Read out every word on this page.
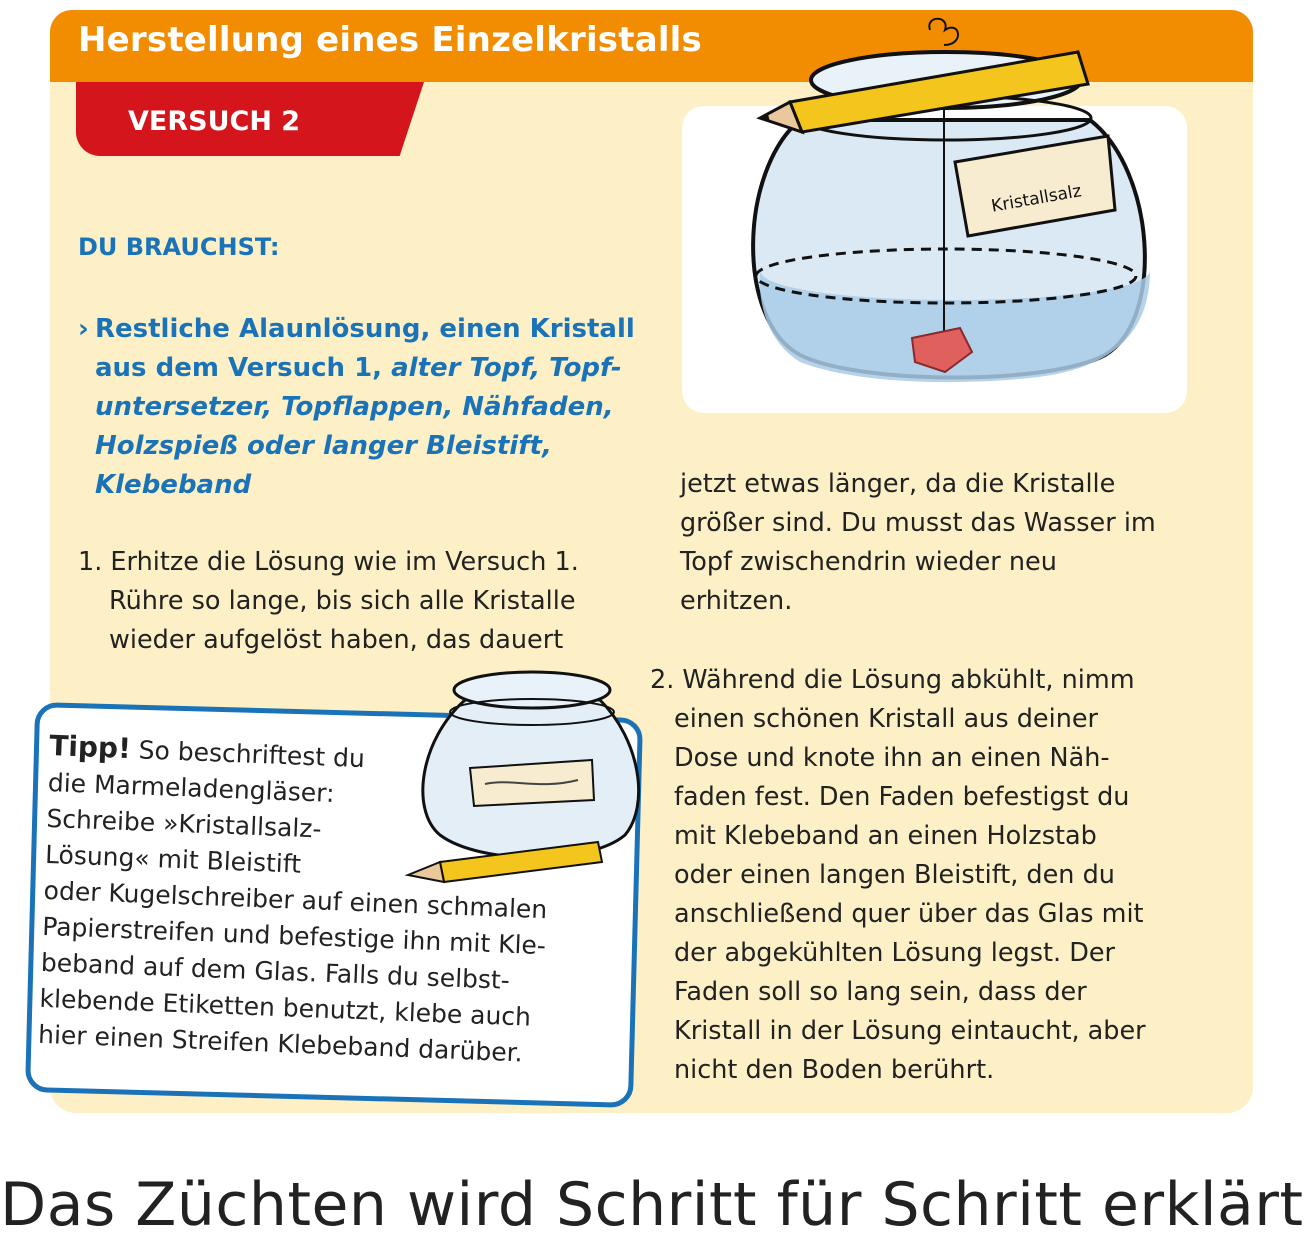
Herstellung eines Einzelkristalls
VERSUCH 2
DU BRAUCHST:
› Restliche Alaunlösung, einen Kristall
aus dem Versuch 1, alter Topf, Topf-
untersetzer, Topflappen, Nähfaden,
Holzspieß oder langer Bleistift,
Klebeband
1. Erhitze die Lösung wie im Versuch 1.
Rühre so lange, bis sich alle Kristalle
wieder aufgelöst haben, das dauert
jetzt etwas länger, da die Kristalle
größer sind. Du musst das Wasser im
Topf zwischendrin wieder neu
erhitzen.
2. Während die Lösung abkühlt, nimm
einen schönen Kristall aus deiner
Dose und knote ihn an einen Näh-
faden fest. Den Faden befestigst du
mit Klebeband an einen Holzstab
oder einen langen Bleistift, den du
anschließend quer über das Glas mit
der abgekühlten Lösung legst. Der
Faden soll so lang sein, dass der
Kristall in der Lösung eintaucht, aber
nicht den Boden berührt.
Kristallsalz
Tipp! So beschriftest du
die Marmeladengläser:
Schreibe »Kristallsalz-
Lösung« mit Bleistift
oder Kugelschreiber auf einen schmalen
Papierstreifen und befestige ihn mit Kle-
beband auf dem Glas. Falls du selbst-
klebende Etiketten benutzt, klebe auch
hier einen Streifen Klebeband darüber.
Das Züchten wird Schritt für Schritt erklärt
